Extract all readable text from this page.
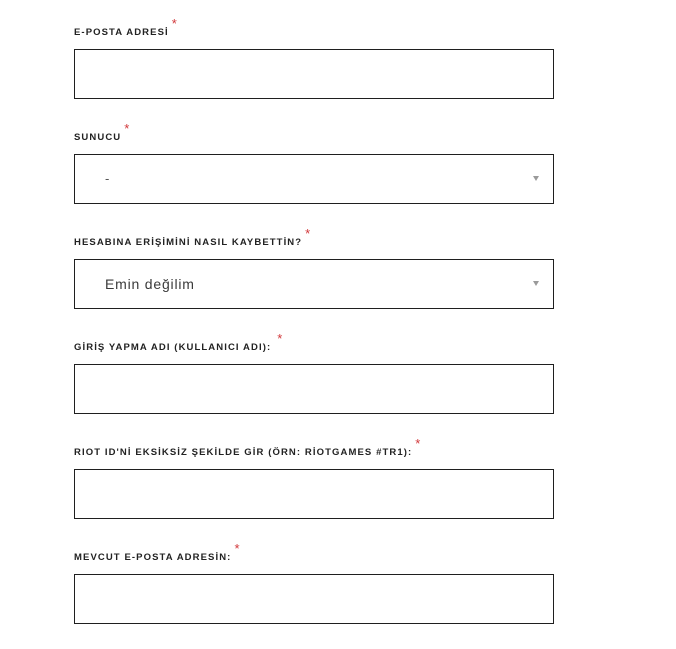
E-POSTA ADRESİ*
SUNUCU*
-
HESABINA ERİŞİMİNİ NASIL KAYBETTİN?*
Emin değilim
GİRİŞ YAPMA ADI (KULLANICI ADI):*
RIOT ID'Nİ EKSİKSİZ ŞEKİLDE GİR (ÖRN: RİOTGAMES #TR1):*
MEVCUT E-POSTA ADRESİN:*
